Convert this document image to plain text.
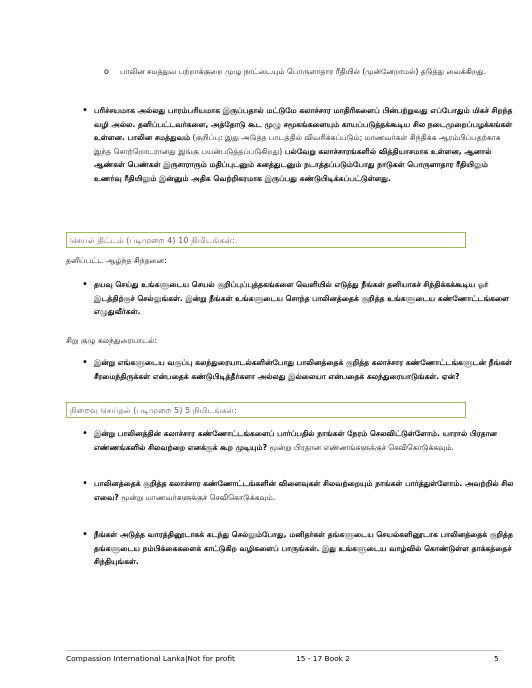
o பாலின சமத்துவ பற்றாக்குறை முழு நாட்டையும் பொருளாதார ரீதியில் (முன்னேறாமல்) தடுத்து வைக்கிறது.
• பரிச்சயமாக அல்லது பாரம்பரியமாக இருப்பதால் மட்டுமே கலாச்சார மாதிரிகளைப் பின்பற்றுவது எப்போதும் மிகச் சிறந்த வழி அல்ல. தனிப்பட்டவர்களை, அத்தோடு கூட முழு சமூகங்களையும் காயப்படுத்தக்கூடிய சில நடைமுறைப்பழக்கங்கள் உள்ளன. பாலின சமத்துவம் (குறிப்பு: இது அடுத்த பாடத்தில் விவரிக்கப்படும்; மாணவர்கள் சிந்திக்க ஆரம்பிப்பதற்காக இந்த சொற்றொடரானது இங்கு பயன்படுத்தப்படுகிறது) பல்வேறு கலாச்சாரங்களில் வித்தியாசமாக உள்ளன, ஆனால் ஆண்கள் பெண்கள் இருசாராரும் மதிப்புடனும் கனத்துடனும் நடாத்தப்படும்போது நாடுகள் பொருளாதார ரீதியிலும் உணர்வு ரீதியிலும் இன்னும் அதிக வெற்றிகரமாக இருப்பது கண்டுபிடிக்கப்பட்டுள்ளது.
செயல் திட்டம் (படிமுறை 4) 10 நிமிடங்கள்:
தனிப்பட்ட ஆழ்ந்த சிந்தனை:
• தயவு செய்து உங்களுடைய செயல் குறிப்புப்புத்தகங்களை வெளியில் எடுத்து நீங்கள் தனியாகச் சிந்திக்கக்கூடிய ஓர் இடத்திற்குச் செல்லுங்கள். இன்று நீங்கள் உங்களுடைய சொந்த பாலினத்தைக் குறித்த உங்களுடைய கண்ணோட்டங்களை எழுதுவீர்கள்.
சிறு குழு கலந்துரையாடல்:
• இன்று எங்களுடைய வகுப்பு கலந்துரையாடல்களின்போது பாலினத்தைக் குறித்த கலாச்சார கண்ணோட்டங்களுடன் நீங்கள் சீரமைந்திருக்கள் என்பதைக் கண்டுபிடித்தீர்களா அல்லது இல்லையா என்பதைக் கலந்துரையாடுங்கள். ஏன்?
நிறைவு செய்தல் (படிமுறை 5) 5 நிமிடங்கள்:
• இன்று பாலினத்தின் கலாச்சார கண்ணோட்டங்களைப் பார்ப்பதில் நாங்கள் நேரம் செலவிட்டுள்ளோம். யாரால் பிரதான எண்ணங்களில் சிலவற்றை எனக்குக் கூற முடியும்? மூன்று பிரதான எண்ணங்களுக்குச் செவிகொடுக்கவும்.
• பாலினத்தைக் குறித்த கலாச்சார கண்ணோட்டங்களின் விளைவுகள் சிலவற்றையும் நாங்கள் பார்த்துள்ளோம். அவற்றில் சில எவை? மூன்று மாணவர்களுக்குச் செவிகொடுக்கவும்.
• நீங்கள் அடுத்த வாரத்தினூடாகக் கடந்து செல்லும்போது, மனிதர்கள் தங்களுடைய செயல்களினூடாக பாலினத்தைக் குறித்த தங்களுடைய நம்பிக்கைகளைக் காட்டுகிற வழிகளைப் பாருங்கள். இது உங்களுடைய வாழ்வில் கொண்டுள்ள தாக்கத்தைச் சிந்தியுங்கள்.
Compassion International Lanka|Not for profit	15 - 17 Book 2	5
